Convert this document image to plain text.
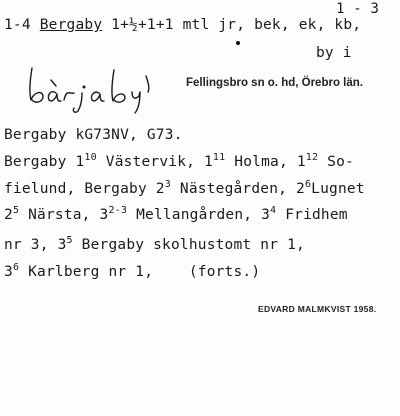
1 - 3
1-4 Bergaby 1+½+1+1 mtl jr, bek, ek, kb,
by i
Fellingsbro sn o. hd, Örebro län.
Bergaby kG73NV, G73.
Bergaby $1^{10}$ Västervik, $1^{11}$ Holma, $1^{12}$ So-
fielund, Bergaby $2^3$ Nästegården, $2^6Lugnet$
$2^5$ Närsta, 3$^{2-3}$ Mellangården, $3^4$ Fridhem
nr 3, $3^5$ Bergaby skolhustomt nr 1,
$3^6$ Karlberg nr 1,    (forts.)
EDVARD MALMKVIST 1958.
